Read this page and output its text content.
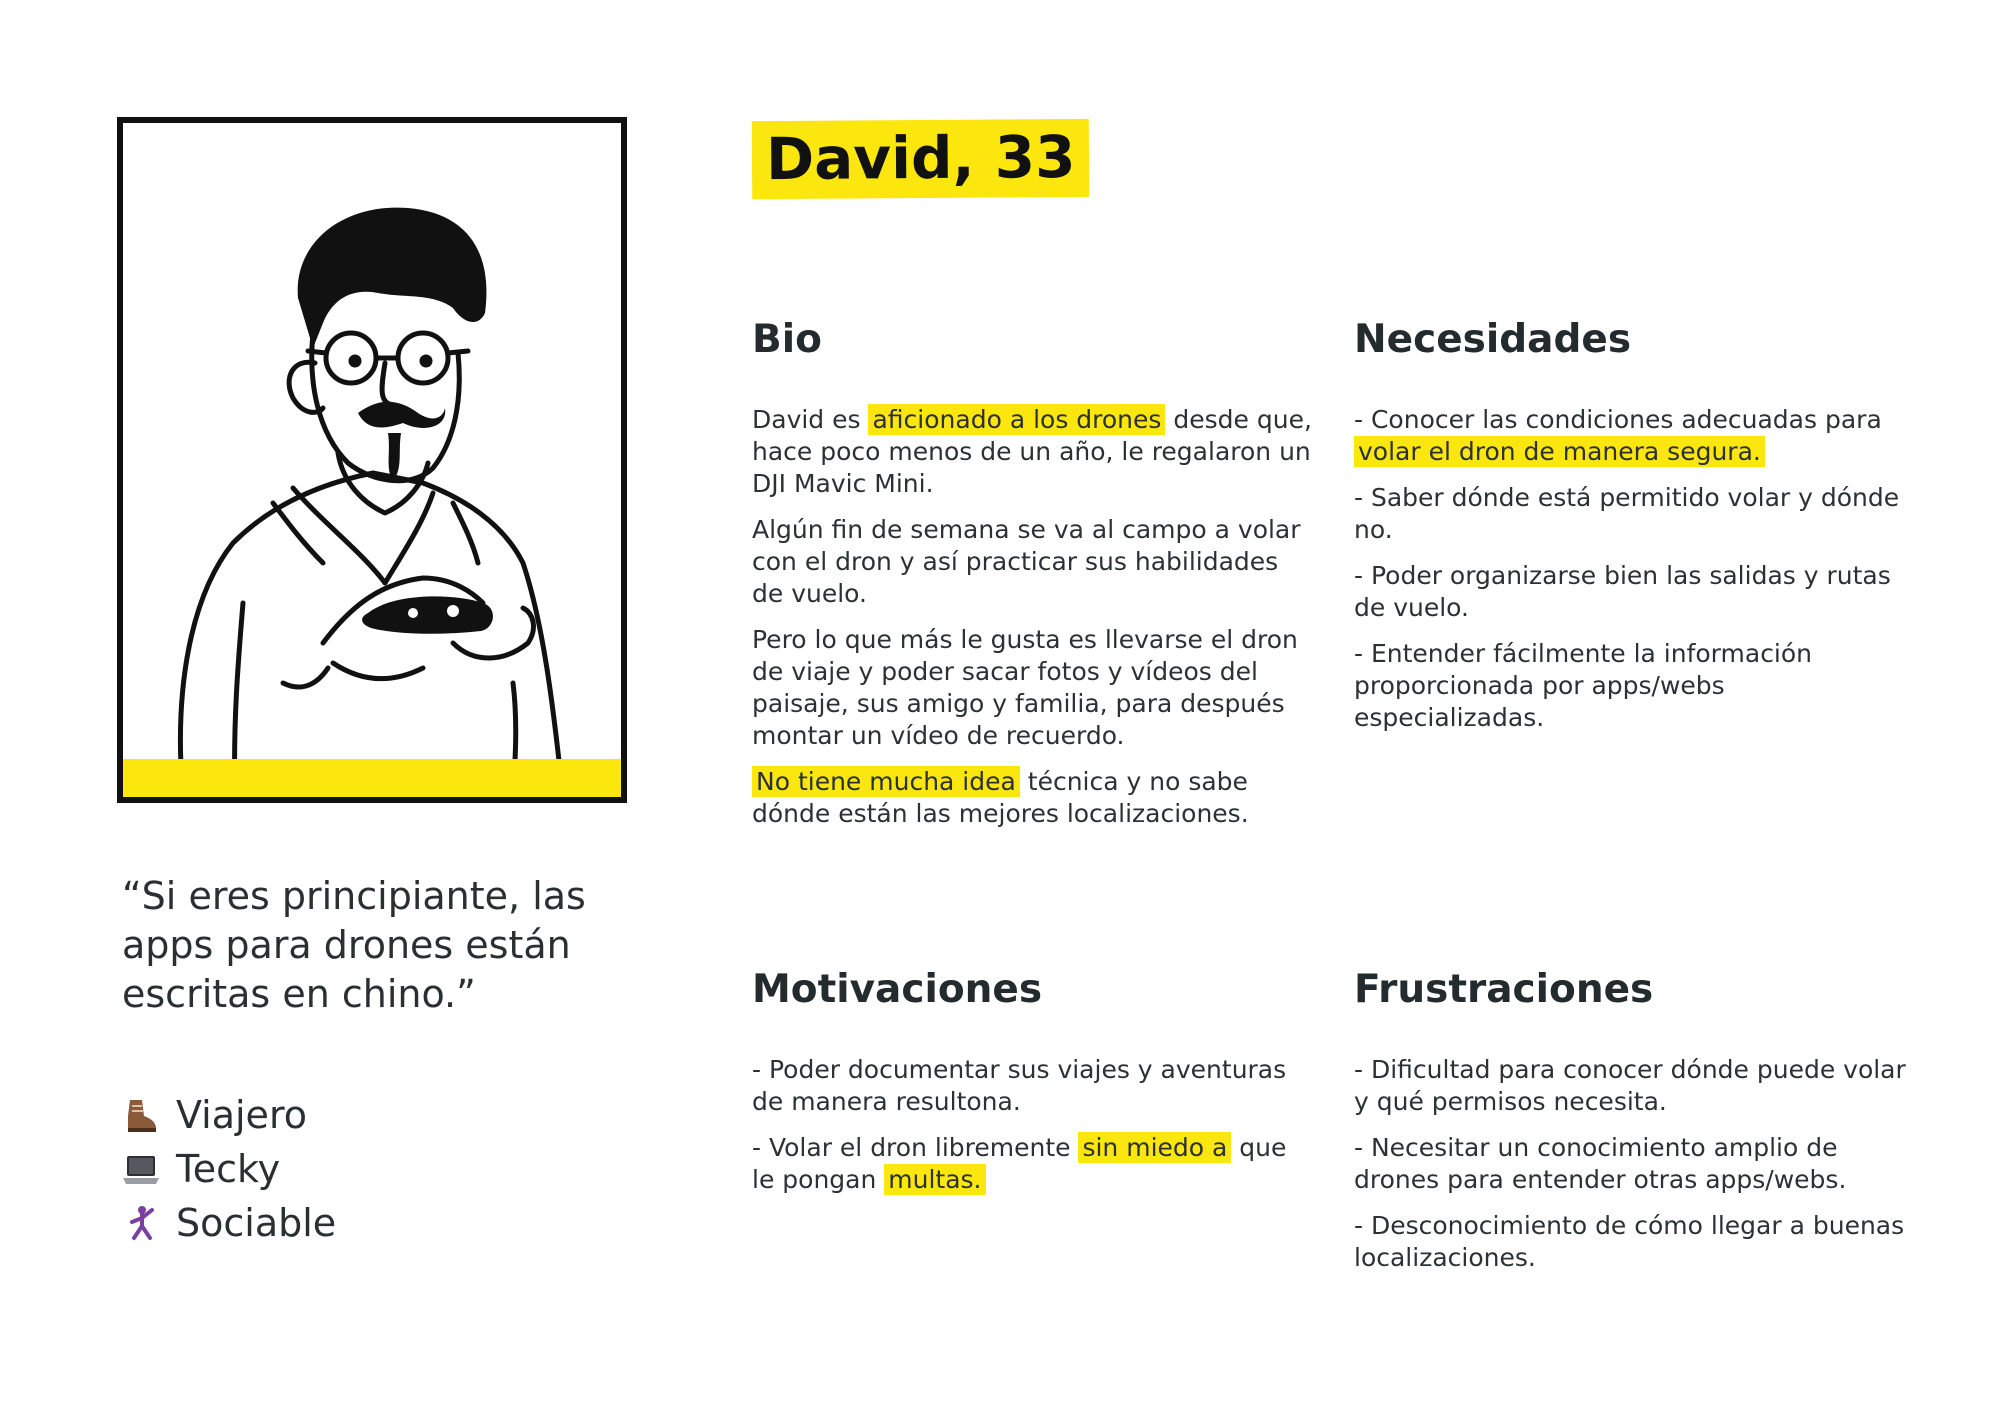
David, 33
“Si eres principiante, las apps para drones están escritas en chino.”
Viajero
Tecky
Sociable
Bio

David es aficionado a los drones desde que, hace poco menos de un año, le regalaron un DJI Mavic Mini.

Algún fin de semana se va al campo a volar con el dron y así practicar sus habilidades de vuelo.

Pero lo que más le gusta es llevarse el dron de viaje y poder sacar fotos y vídeos del paisaje, sus amigo y familia, para después montar un vídeo de recuerdo.

No tiene mucha idea técnica y no sabe dónde están las mejores localizaciones.

Necesidades

- Conocer las condiciones adecuadas para volar el dron de manera segura.

- Saber dónde está permitido volar y dónde no.

- Poder organizarse bien las salidas y rutas de vuelo.

- Entender fácilmente la información proporcionada por apps/webs especializadas.

Motivaciones

- Poder documentar sus viajes y aventuras de manera resultona.

- Volar el dron libremente sin miedo a que le pongan multas.

Frustraciones

- Dificultad para conocer dónde puede volar y qué permisos necesita.

- Necesitar un conocimiento amplio de drones para entender otras apps/webs.

- Desconocimiento de cómo llegar a buenas localizaciones.
